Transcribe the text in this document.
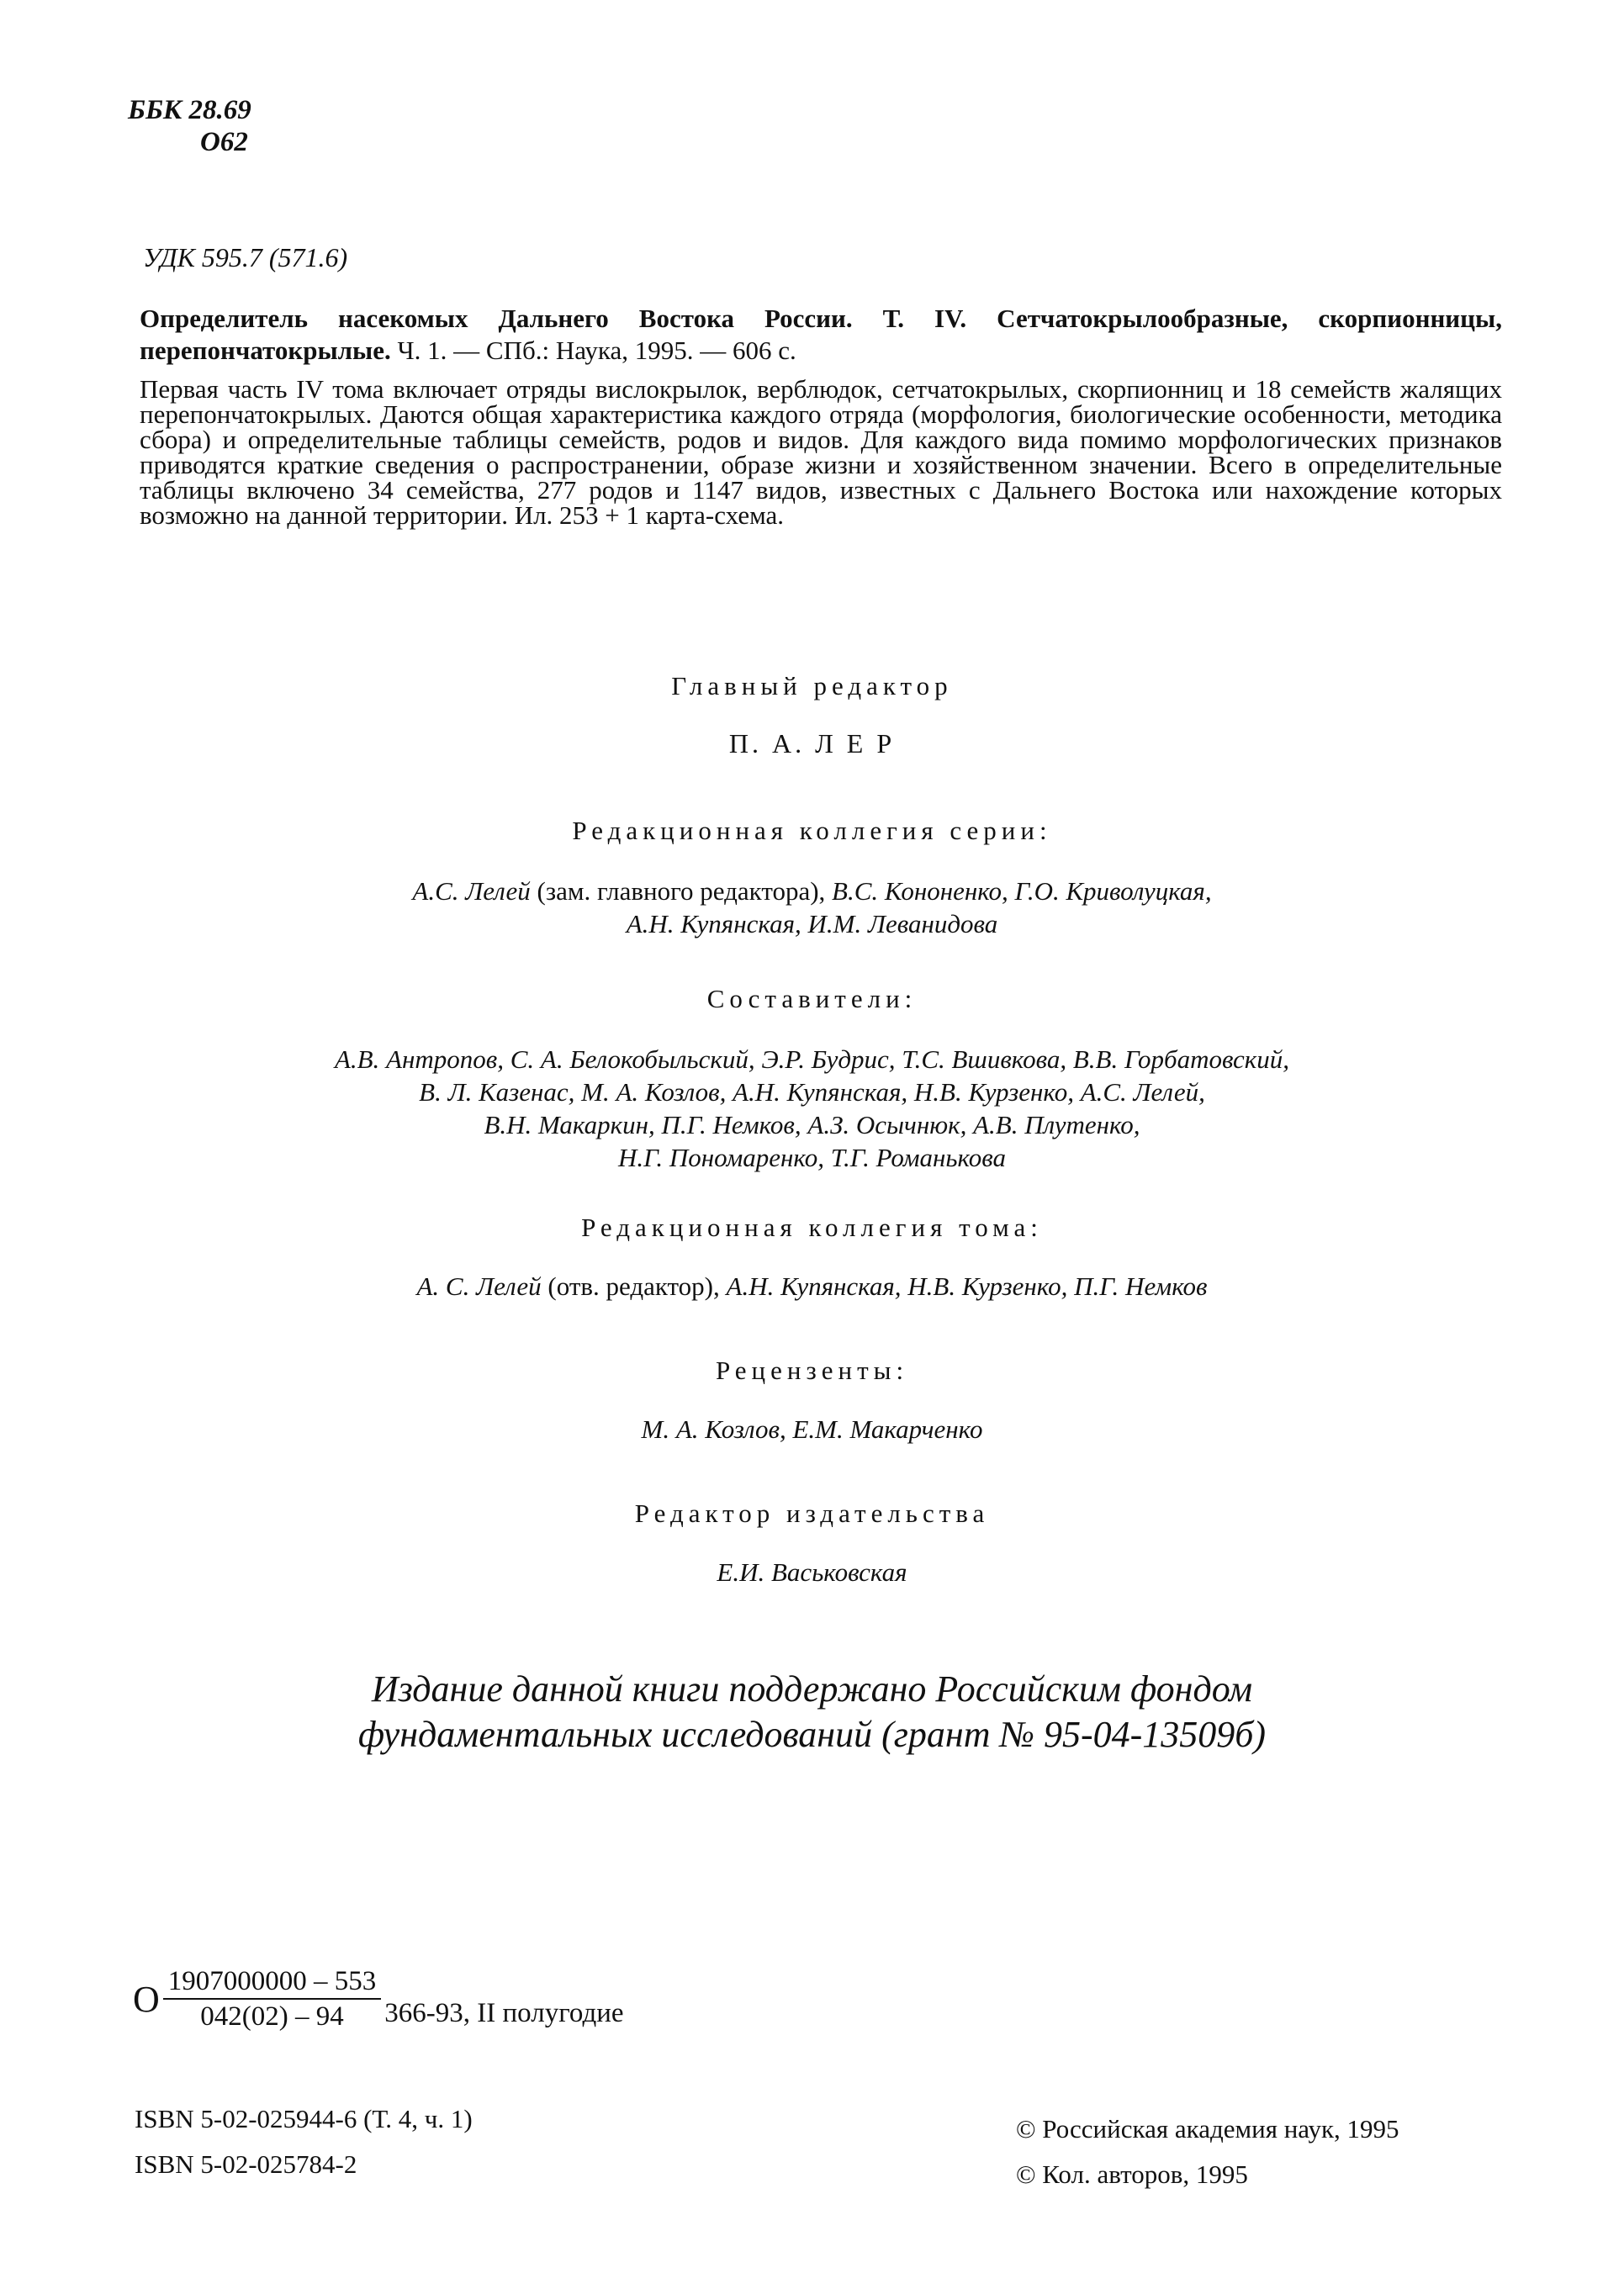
ББК 28.69
О62
УДК 595.7 (571.6)
Определитель насекомых Дальнего Востока России. Т. IV. Сетчатокрылообразные, скорпионницы, перепончатокрылые. Ч. 1. — СПб.: Наука, 1995. — 606 с.
Первая часть IV тома включает отряды вислокрылок, верблюдок, сетчатокрылых, скорпионниц и 18 семейств жалящих перепончатокрылых. Даются общая характеристика каждого отряда (морфология, биологические особенности, методика сбора) и определительные таблицы семейств, родов и видов. Для каждого вида помимо морфологических признаков приводятся краткие сведения о распространении, образе жизни и хозяйственном значении. Всего в определительные таблицы включено 34 семейства, 277 родов и 1147 видов, известных с Дальнего Востока или нахождение которых возможно на данной территории. Ил. 253 + 1 карта-схема.
Главный редактор
П. А. Л Е Р
Редакционная коллегия серии:
А.С. Лелей (зам. главного редактора), В.С. Кононенко, Г.О. Криволуцкая,
А.Н. Купянская, И.М. Леванидова
Составители:
А.В. Антропов, С. А. Белокобыльский, Э.Р. Будрис, Т.С. Вшивкова, В.В. Горбатовский,
В. Л. Казенас, М. А. Козлов, А.Н. Купянская, Н.В. Курзенко, А.С. Лелей,
В.Н. Макаркин, П.Г. Немков, А.З. Осычнюк, А.В. Плутенко,
Н.Г. Пономаренко, Т.Г. Романькова
Редакционная коллегия тома:
А. С. Лелей (отв. редактор), А.Н. Купянская, Н.В. Курзенко, П.Г. Немков
Рецензенты:
М. А. Козлов, Е.М. Макарченко
Редактор издательства
Е.И. Васьковская
Издание данной книги поддержано Российским фондом
фундаментальных исследований (грант № 95-04-13509б)
О $\frac{1907000000 - 553}{042(02) - 94} 366-93$, II полугодие
ISBN 5-02-025944-6 (Т. 4, ч. 1)
ISBN 5-02-025784-2
© Российская академия наук, 1995
© Кол. авторов, 1995
